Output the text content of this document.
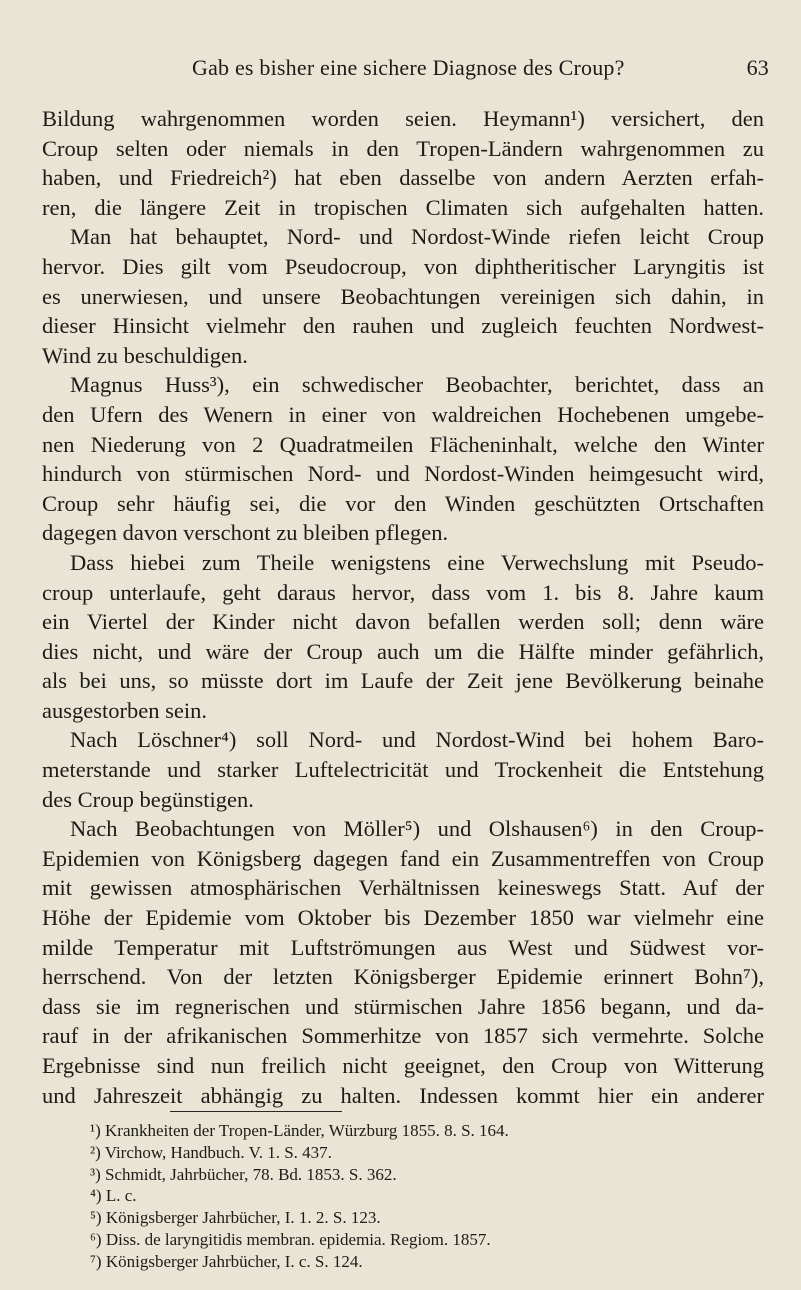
Gab es bisher eine sichere Diagnose des Croup?	63
Bildung wahrgenommen worden seien. Heymann¹) versichert, den
Croup selten oder niemals in den Tropen-Ländern wahrgenommen zu
haben, und Friedreich²) hat eben dasselbe von andern Aerzten erfah-
ren, die längere Zeit in tropischen Climaten sich aufgehalten hatten.
Man hat behauptet, Nord- und Nordost-Winde riefen leicht Croup
hervor. Dies gilt vom Pseudocroup, von diphtheritischer Laryngitis ist
es unerwiesen, und unsere Beobachtungen vereinigen sich dahin, in
dieser Hinsicht vielmehr den rauhen und zugleich feuchten Nordwest-
Wind zu beschuldigen.
Magnus Huss³), ein schwedischer Beobachter, berichtet, dass an
den Ufern des Wenern in einer von waldreichen Hochebenen umgebe-
nen Niederung von 2 Quadratmeilen Flächeninhalt, welche den Winter
hindurch von stürmischen Nord- und Nordost-Winden heimgesucht wird,
Croup sehr häufig sei, die vor den Winden geschützten Ortschaften
dagegen davon verschont zu bleiben pflegen.
Dass hiebei zum Theile wenigstens eine Verwechslung mit Pseudo-
croup unterlaufe, geht daraus hervor, dass vom 1. bis 8. Jahre kaum
ein Viertel der Kinder nicht davon befallen werden soll; denn wäre
dies nicht, und wäre der Croup auch um die Hälfte minder gefährlich,
als bei uns, so müsste dort im Laufe der Zeit jene Bevölkerung beinahe
ausgestorben sein.
Nach Löschner⁴) soll Nord- und Nordost-Wind bei hohem Baro-
meterstande und starker Luftelectricität und Trockenheit die Entstehung
des Croup begünstigen.
Nach Beobachtungen von Möller⁵) und Olshausen⁶) in den Croup-
Epidemien von Königsberg dagegen fand ein Zusammentreffen von Croup
mit gewissen atmosphärischen Verhältnissen keineswegs Statt. Auf der
Höhe der Epidemie vom Oktober bis Dezember 1850 war vielmehr eine
milde Temperatur mit Luftströmungen aus West und Südwest vor-
herrschend. Von der letzten Königsberger Epidemie erinnert Bohn⁷),
dass sie im regnerischen und stürmischen Jahre 1856 begann, und da-
rauf in der afrikanischen Sommerhitze von 1857 sich vermehrte. Solche
Ergebnisse sind nun freilich nicht geeignet, den Croup von Witterung
und Jahreszeit abhängig zu halten. Indessen kommt hier ein anderer
¹) Krankheiten der Tropen-Länder, Würzburg 1855. 8. S. 164.
²) Virchow, Handbuch. V. 1. S. 437.
³) Schmidt, Jahrbücher, 78. Bd. 1853. S. 362.
⁴) L. c.
⁵) Königsberger Jahrbücher, I. 1. 2. S. 123.
⁶) Diss. de laryngitidis membran. epidemia. Regiom. 1857.
⁷) Königsberger Jahrbücher, I. c. S. 124.
